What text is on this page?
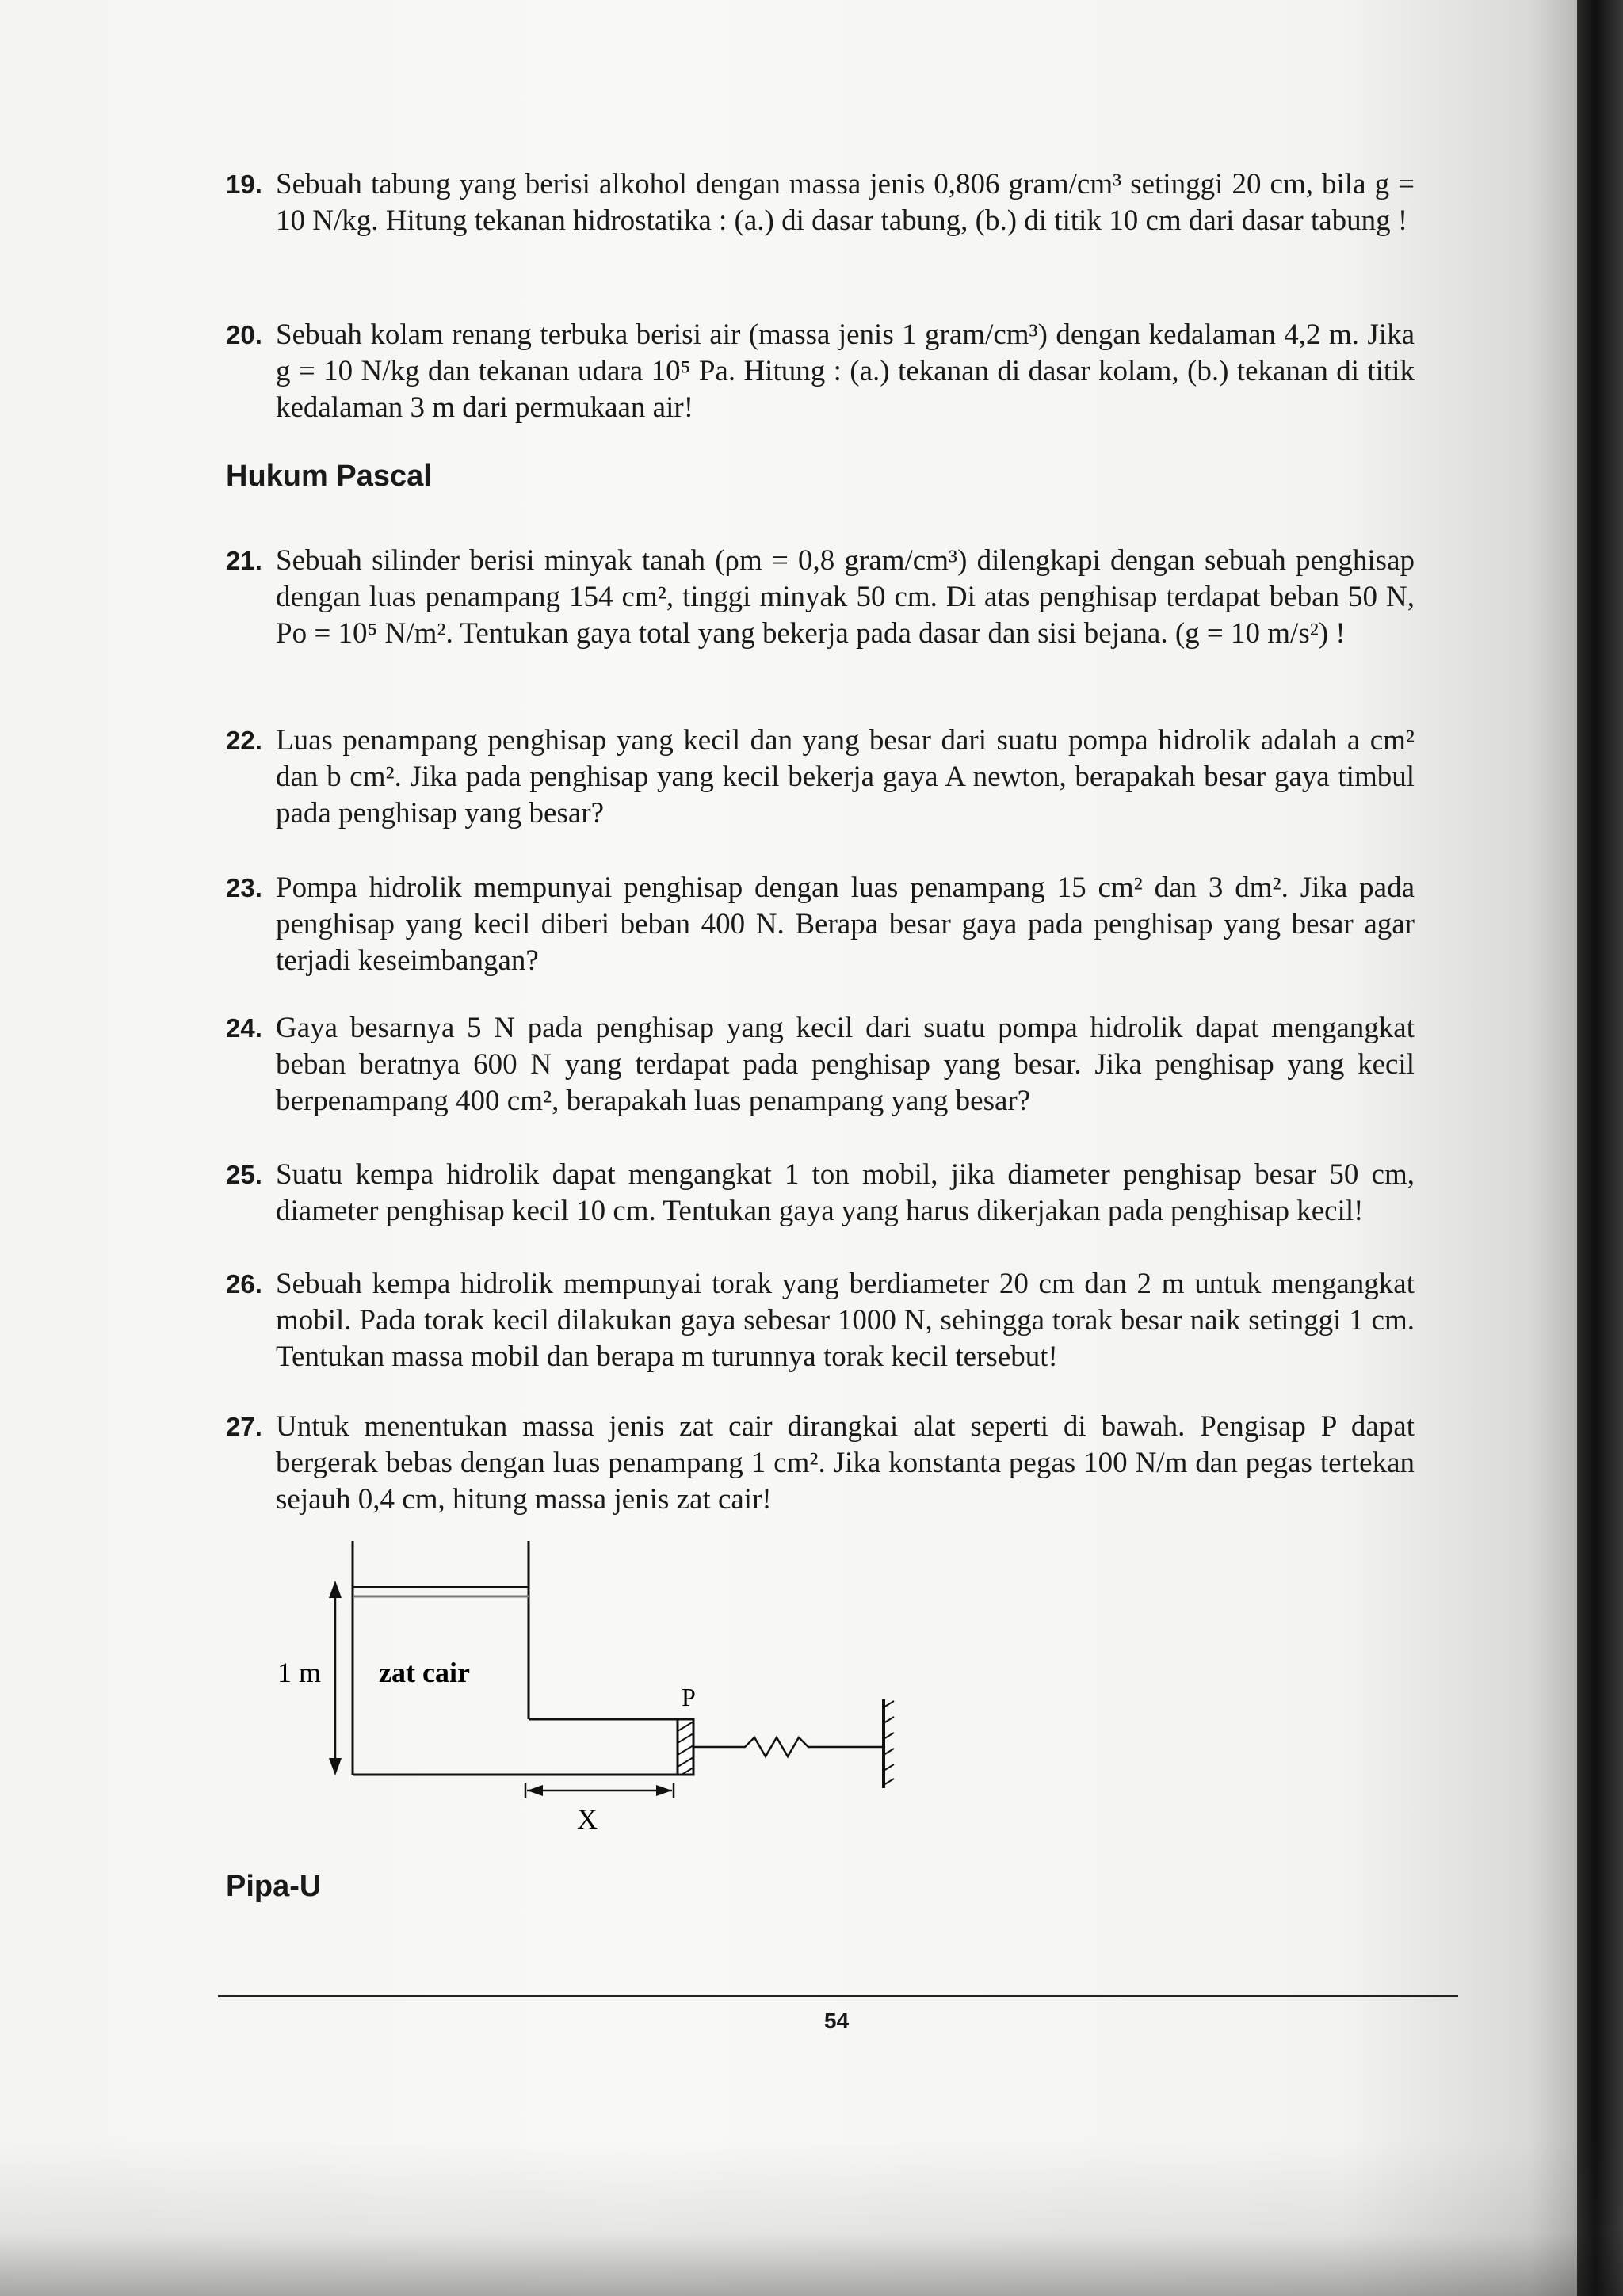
19. Sebuah tabung yang berisi alkohol dengan massa jenis 0,806 gram/cm³ setinggi 20 cm, bila g = 10 N/kg. Hitung tekanan hidrostatika : (a.) di dasar tabung, (b.) di titik 10 cm dari dasar tabung !
20. Sebuah kolam renang terbuka berisi air (massa jenis 1 gram/cm³) dengan kedalaman 4,2 m. Jika g = 10 N/kg dan tekanan udara 10⁵ Pa. Hitung : (a.) tekanan di dasar kolam, (b.) tekanan di titik kedalaman 3 m dari permukaan air!
Hukum Pascal
21. Sebuah silinder berisi minyak tanah (ρm = 0,8 gram/cm³) dilengkapi dengan sebuah penghisap dengan luas penampang 154 cm², tinggi minyak 50 cm. Di atas penghisap terdapat beban 50 N, Po = 10⁵ N/m². Tentukan gaya total yang bekerja pada dasar dan sisi bejana. (g = 10 m/s²) !
22. Luas penampang penghisap yang kecil dan yang besar dari suatu pompa hidrolik adalah a cm² dan b cm². Jika pada penghisap yang kecil bekerja gaya A newton, berapakah besar gaya timbul pada penghisap yang besar?
23. Pompa hidrolik mempunyai penghisap dengan luas penampang 15 cm² dan 3 dm². Jika pada penghisap yang kecil diberi beban 400 N. Berapa besar gaya pada penghisap yang besar agar terjadi keseimbangan?
24. Gaya besarnya 5 N pada penghisap yang kecil dari suatu pompa hidrolik dapat mengangkat beban beratnya 600 N yang terdapat pada penghisap yang besar. Jika penghisap yang kecil berpenampang 400 cm², berapakah luas penampang yang besar?
25. Suatu kempa hidrolik dapat mengangkat 1 ton mobil, jika diameter penghisap besar 50 cm, diameter penghisap kecil 10 cm. Tentukan gaya yang harus dikerjakan pada penghisap kecil!
26. Sebuah kempa hidrolik mempunyai torak yang berdiameter 20 cm dan 2 m untuk mengangkat mobil. Pada torak kecil dilakukan gaya sebesar 1000 N, sehingga torak besar naik setinggi 1 cm. Tentukan massa mobil dan berapa m turunnya torak kecil tersebut!
27. Untuk menentukan massa jenis zat cair dirangkai alat seperti di bawah. Pengisap P dapat bergerak bebas dengan luas penampang 1 cm². Jika konstanta pegas 100 N/m dan pegas tertekan sejauh 0,4 cm, hitung massa jenis zat cair!
1 m zat cair
P
X
Pipa-U
54
